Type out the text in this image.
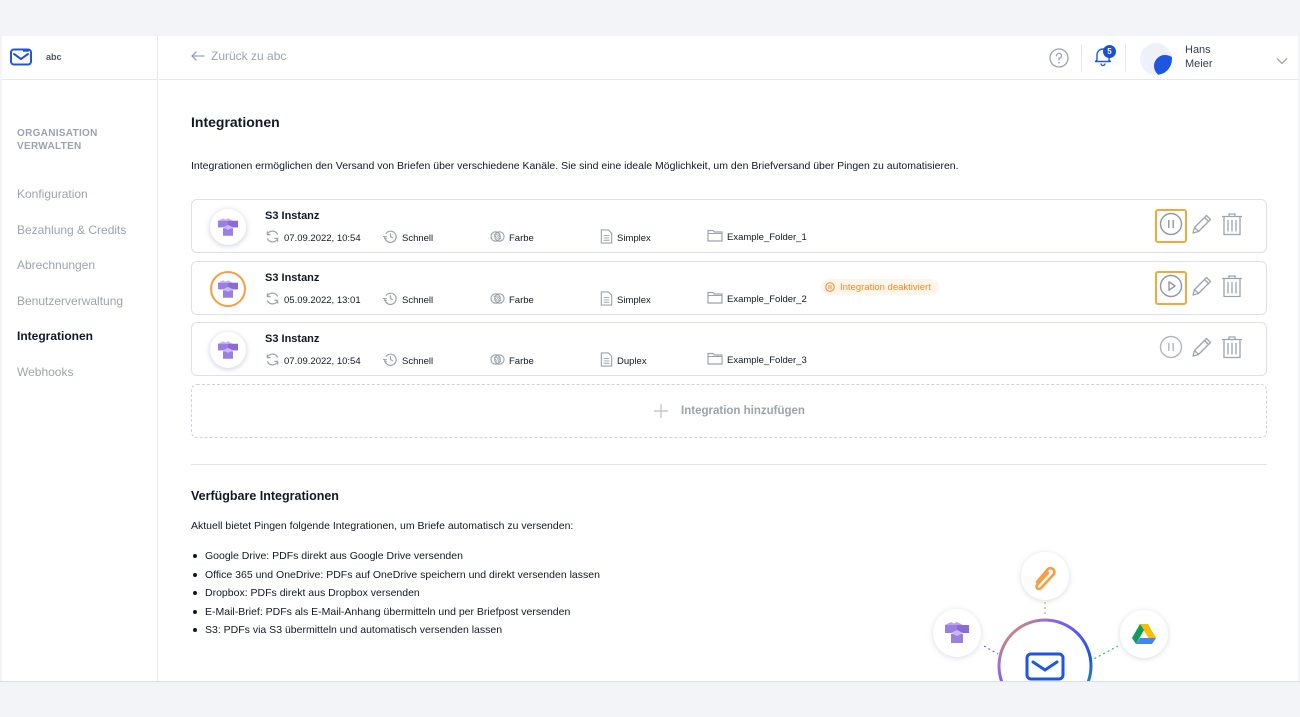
abc
ORGANISATION VERWALTEN
Konfiguration
Bezahlung & Credits
Abrechnungen
Benutzerverwaltung
Integrationen
Webhooks
Zurück zu abc	5	Hans
Meier
Integrationen
Integrationen ermöglichen den Versand von Briefen über verschiedene Kanäle. Sie sind eine ideale Möglichkeit, um den Briefversand über Pingen zu automatisieren.
S3 Instanz
07.09.2022, 10:54	Schnell	Farbe	Simplex	Example_Folder_1
S3 Instanz
05.09.2022, 13:01	Schnell	Farbe	Simplex	Example_Folder_2
Integration deaktiviert
S3 Instanz
07.09.2022, 10:54	Schnell	Farbe	Duplex	Example_Folder_3
Integration hinzufügen
Verfügbare Integrationen
Aktuell bietet Pingen folgende Integrationen, um Briefe automatisch zu versenden:
Google Drive: PDFs direkt aus Google Drive versenden
Office 365 und OneDrive: PDFs auf OneDrive speichern und direkt versenden lassen
Dropbox: PDFs direkt aus Dropbox versenden
E-Mail-Brief: PDFs als E-Mail-Anhang übermitteln und per Briefpost versenden
S3: PDFs via S3 übermitteln und automatisch versenden lassen
